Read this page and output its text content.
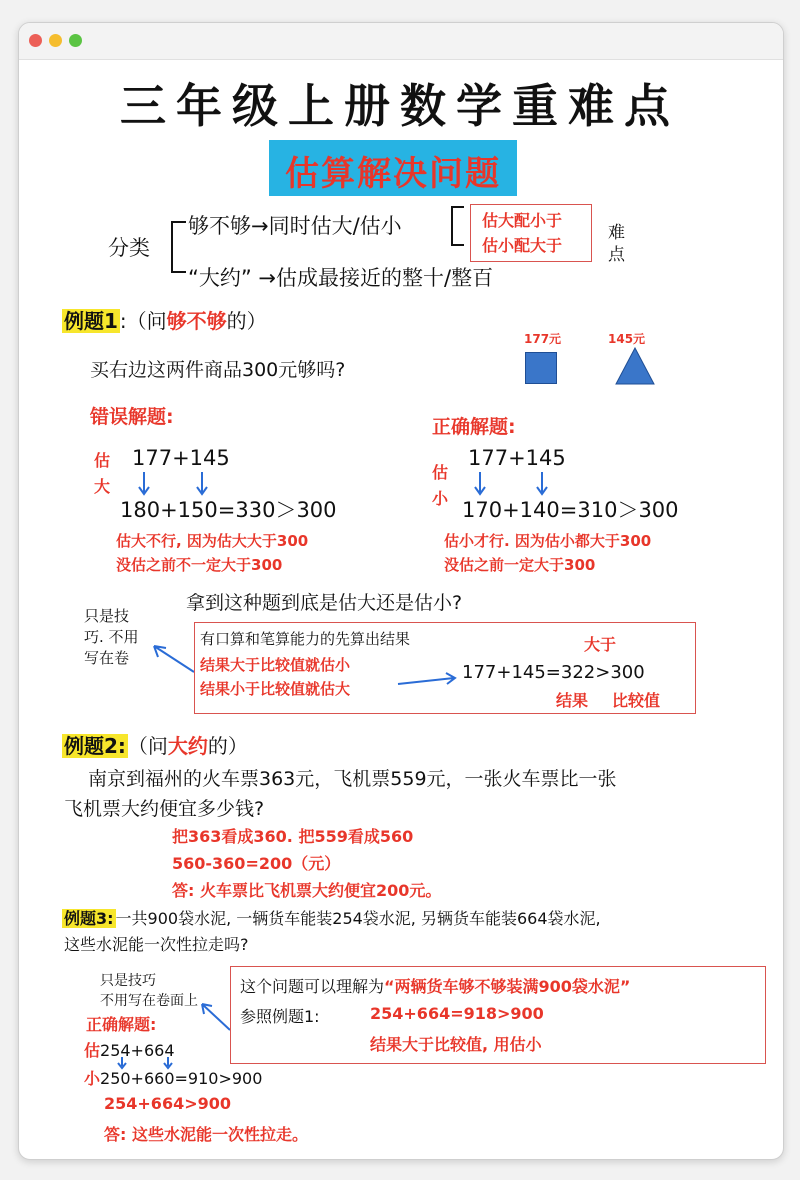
三年级上册数学重难点
估算解决问题
分类
够不够→同时估大/估小
“大约” →估成最接近的整十/整百
估大配小于
估小配大于
难点
例题1 :（问够不够的）
买右边这两件商品300元够吗?
177元	145元
错误解题:
估大
177+145
180+150=330＞300
估大不行, 因为估大大于300
没估之前不一定大于300
正确解题:
估小
177+145
170+140=310＞300
估小才行. 因为估小都大于300
没估之前一定大于300
拿到这种题到底是估大还是估小?
只是技
巧. 不用
写在卷
有口算和笔算能力的先算出结果
结果大于比较值就估小
结果小于比较值就估大
大于
177+145=322>300
结果 比较值
例题2: （问大约的）
南京到福州的火车票363元，飞机票559元，一张火车票比一张
飞机票大约便宜多少钱?
把363看成360. 把559看成560
560-360=200（元）
答: 火车票比飞机票大约便宜200元。
例题3: 一共900袋水泥, 一辆货车能装254袋水泥, 另辆货车能装664袋水泥,
这些水泥能一次性拉走吗?
只是技巧
不用写在卷面上
正确解题:
估254+664
小250+660=910>900
254+664>900
答: 这些水泥能一次性拉走。
这个问题可以理解为“两辆货车够不够装满900袋水泥”
参照例题1:	254+664=918>900
结果大于比较值, 用估小
